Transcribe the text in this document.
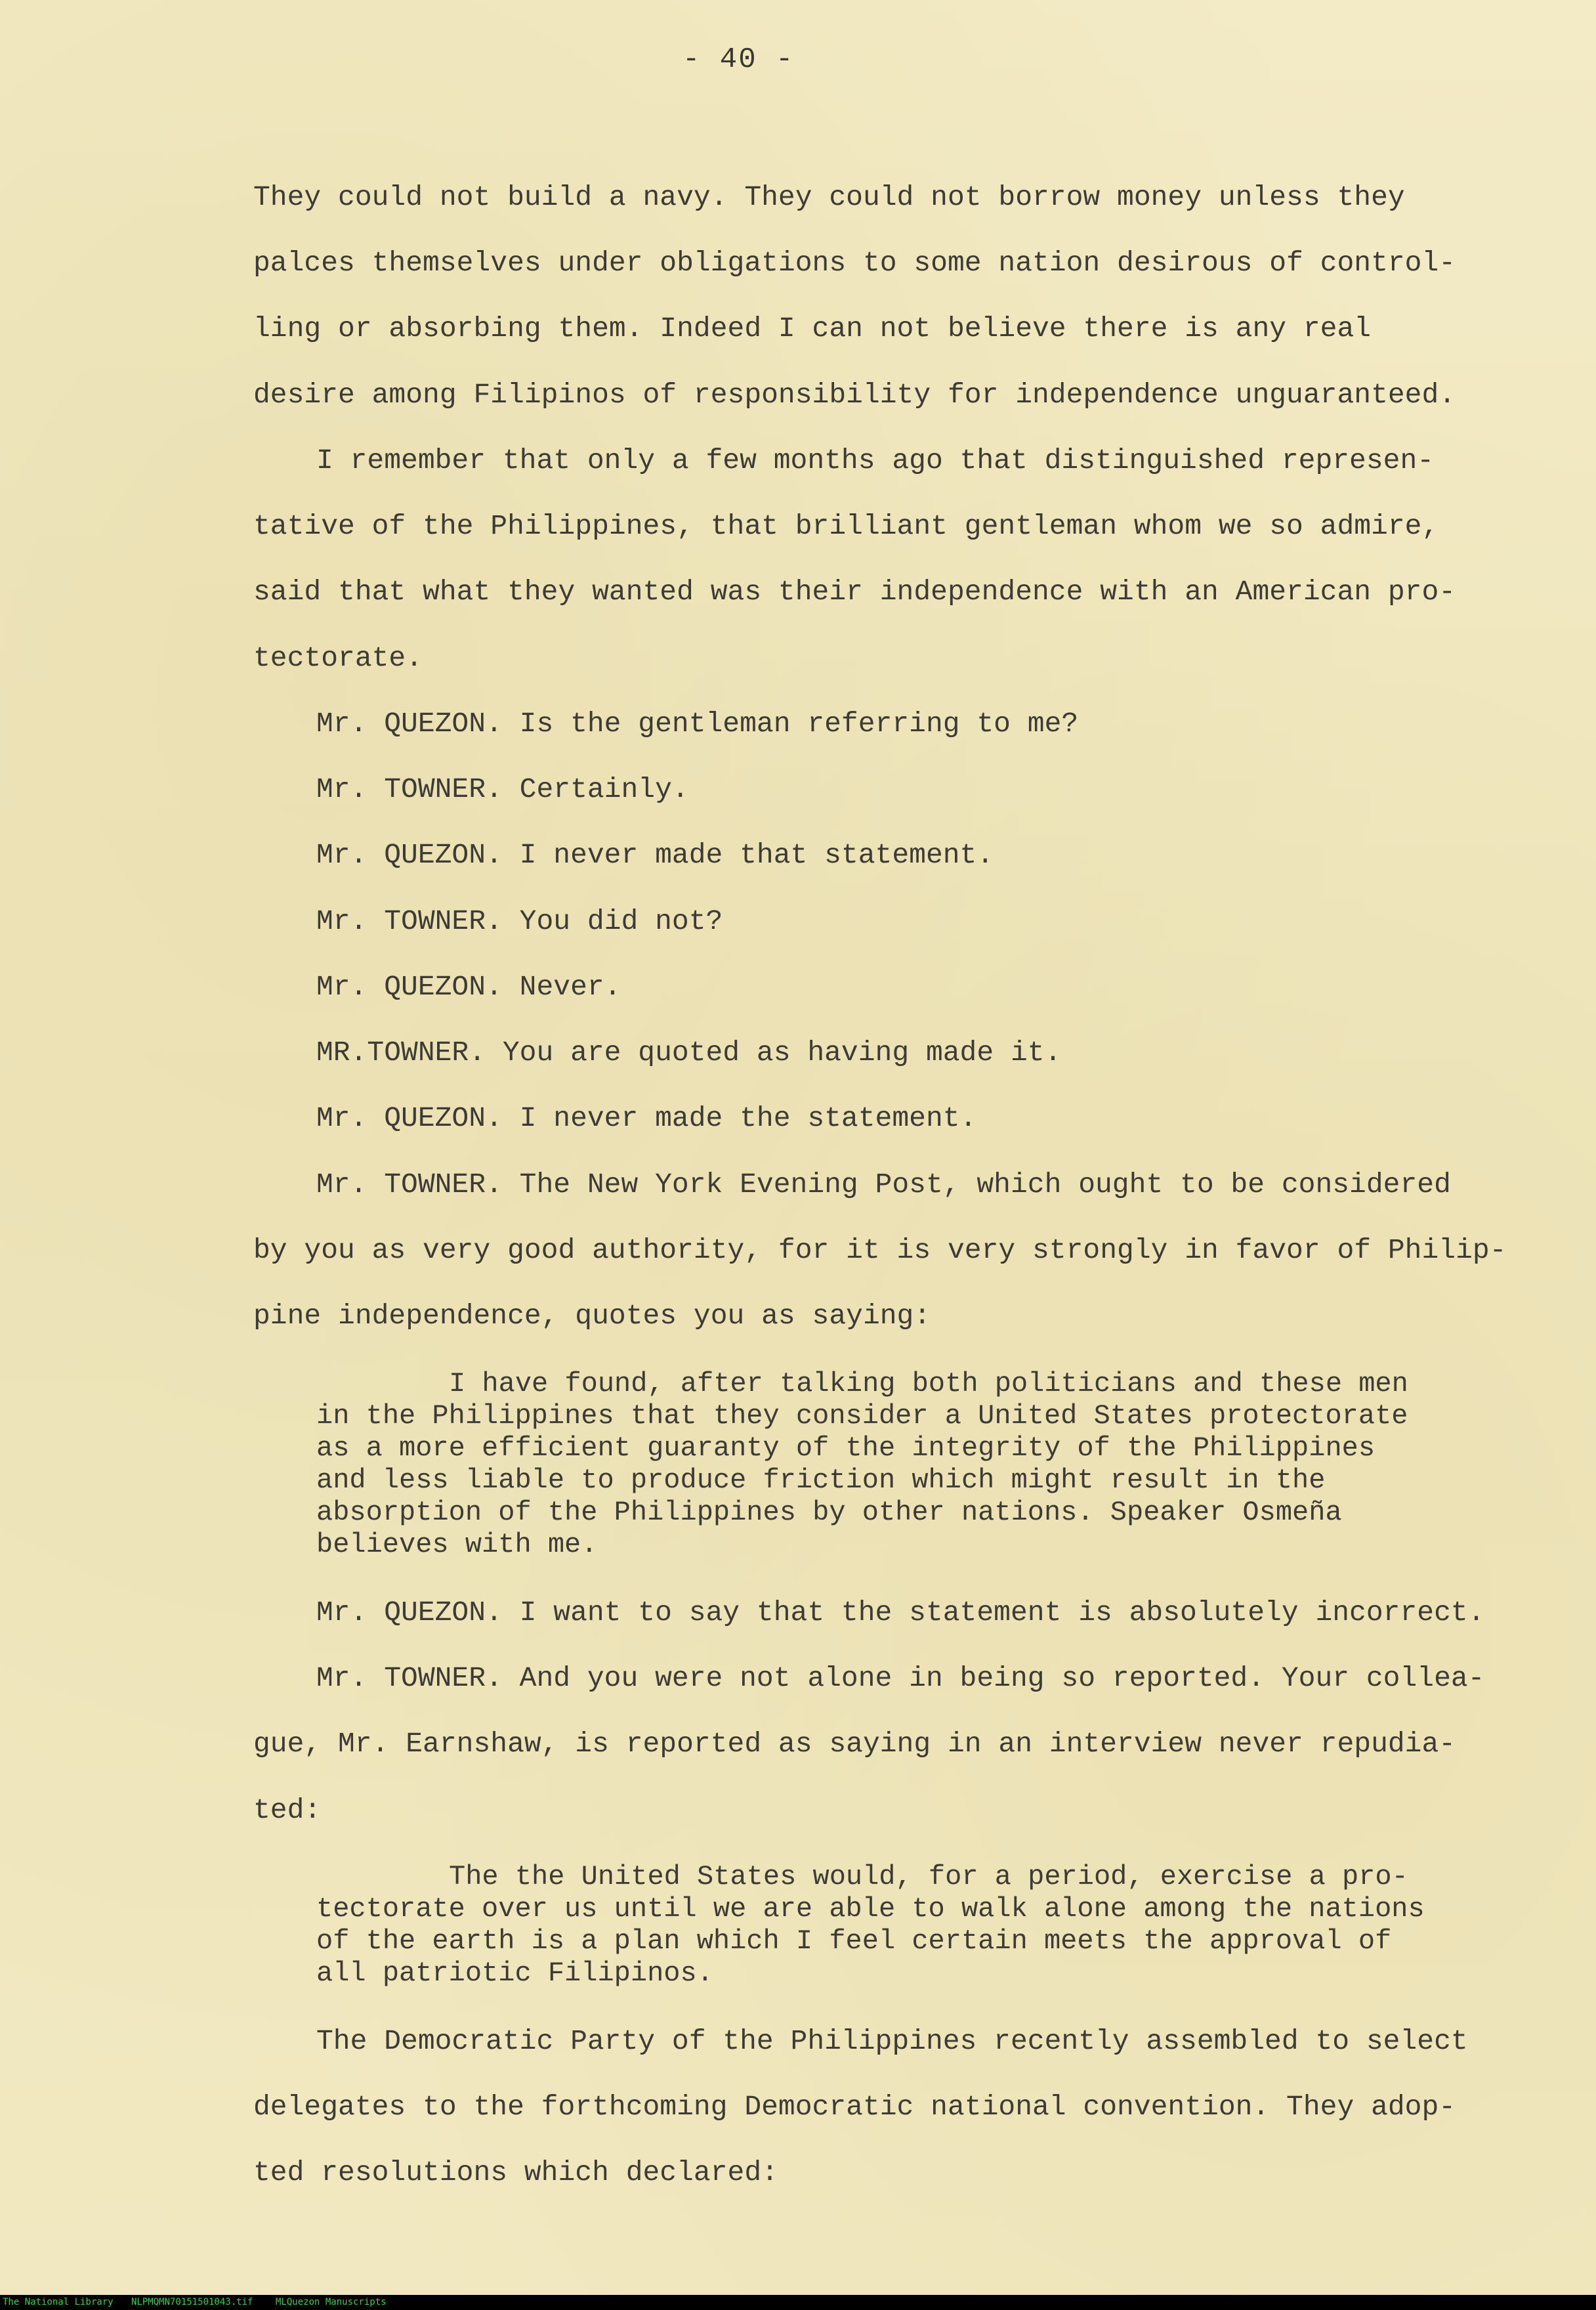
- 40 -
They could not build a navy. They could not borrow money unless they
palces themselves under obligations to some nation desirous of control-
ling or absorbing them. Indeed I can not believe there is any real
desire among Filipinos of responsibility for independence unguaranteed.
I remember that only a few months ago that distinguished represen-
tative of the Philippines, that brilliant gentleman whom we so admire,
said that what they wanted was their independence with an American pro-
tectorate.
Mr. QUEZON. Is the gentleman referring to me?
Mr. TOWNER. Certainly.
Mr. QUEZON. I never made that statement.
Mr. TOWNER. You did not?
Mr. QUEZON. Never.
MR.TOWNER. You are quoted as having made it.
Mr. QUEZON. I never made the statement.
Mr. TOWNER. The New York Evening Post, which ought to be considered
by you as very good authority, for it is very strongly in favor of Philip-
pine independence, quotes you as saying:
I have found, after talking both politicians and these men
in the Philippines that they consider a United States protectorate
as a more efficient guaranty of the integrity of the Philippines
and less liable to produce friction which might result in the
absorption of the Philippines by other nations. Speaker Osmeña
believes with me.
Mr. QUEZON. I want to say that the statement is absolutely incorrect.
Mr. TOWNER. And you were not alone in being so reported. Your collea-
gue, Mr. Earnshaw, is reported as saying in an interview never repudia-
ted:
The the United States would, for a period, exercise a pro-
tectorate over us until we are able to walk alone among the nations
of the earth is a plan which I feel certain meets the approval of
all patriotic Filipinos.
The Democratic Party of the Philippines recently assembled to select
delegates to the forthcoming Democratic national convention. They adop-
ted resolutions which declared:
The National Library NLPMQMN70151501043.tif MLQuezon Manuscripts
